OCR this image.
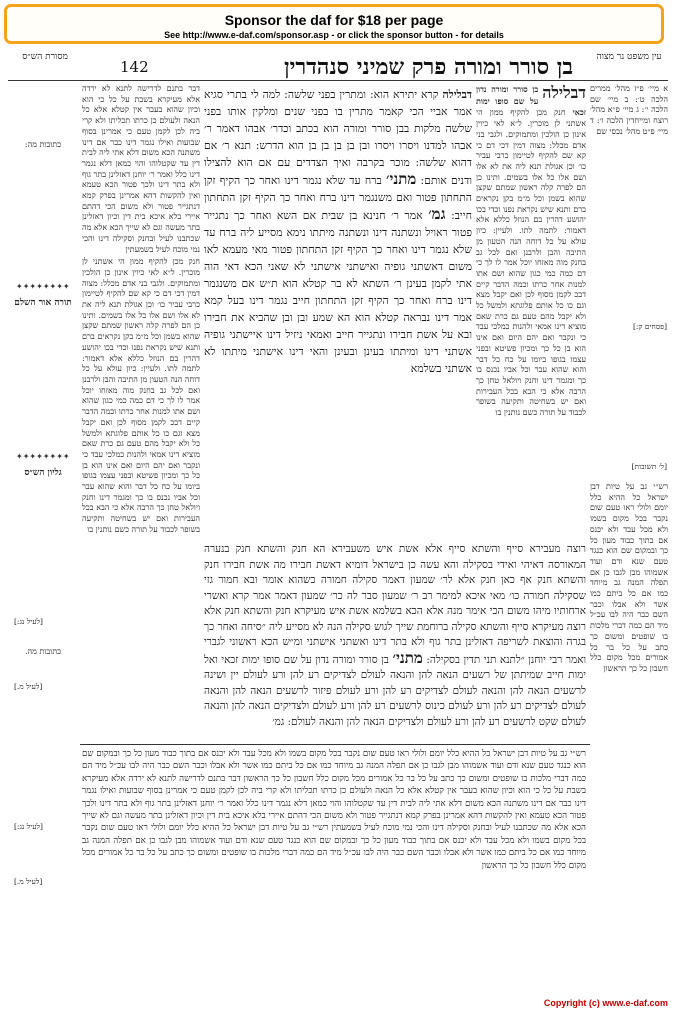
Sponsor the daf for $18 per page
See http://www.e-daf.com/sponsor.asp - or click the sponsor button - for details
עין משפט נר מצוה
בן סורר ומורה פרק שמיני סנהדרין
142
מסורת הש״ס

א מיי׳ פ״ז מהל׳ ממרים הלכה ט׳: ב מיי׳ שם הלכה י׳: ג מיי׳ פ״א מהל׳ רוצח ומייחדין הלכה ו׳: ד מיי׳ פ״ט מהל׳ נכסי שם

[פסחים ק:]
[ל׳ תשובות]

דבלילה
בן סורר ומורה נדון על שם סופו ימות זכאי חנק מכן להקיף ממון הי אשתני לן מוכרין. ל״א לאי כיוין אינון כן הולכין ומתמוקים. ולגבי בני אדם מכלל: מצוה דמין דכי דם כי קא שם להקיף לטיימון כרבי עביר כו׳ וכן אגולת תנא ליה את לא אלו ושם אלו כל אלו בשמים. ותינו כן הם לפרה קלה ראשון שמתם שקצן שהוא בשמן וכל מ״מ בקן נקראים ברם ותנא שיש נקראת נפנו וכדי בכו יהושע דהרין בם הנוזל כללא אלא דאמור: לתמה לתו. ולעיין: כיון עולא על כל דוחה הנה הטעון מן התיבה והבן ולרבנן ואם לכל גב בחנק מוה מאזחו יוכל אמר לו לך כי דם כמה כמי כגון שהוא ושם אתו למנות אחר כרתו וכמה הדבר קיים דבכ לקמן מסוף לכן ואם יקבל מצא וגם כו כל אותם פלוגתא ולמשל כל ולא יקבל מהם טעם גם כרת שאם מוציא דינו אמאי ולהנות כמלכי עבד כי ונקבר ואם יהם היום ואם אינו הוא בן כל כך ומכיון פשיטא ובפני עצמו בגופו ביומו על כח כל דבר והוא שהוא עבר וכל אביו נכנס בו כך ומגמר דינו וחנק ויולאל טחן כך הרבה אלא כי הבא בכל העבירות ואם יש בשחיטה ותקיעה בשופר לכבוד על תורה כשם נותנין בו

דבלילה קרא יתירא הוא: ומתרין בפני שלשה: למה לי בתרי סגיא אמר אביי הכי קאמר מתרין בו בפני שנים ומלקין אותו בפני שלשה מלקות בבן סורר ומורה הוא בכתב וכדר׳ אבהו דאמר ר׳ אבהו למדנו ויסרו ויסרו ובן בן בן בן בן הוא הדרש: תנא ר׳ אם דהוא שלשה: מוכר בקרבה ואיך הצדדים עם אם הוא להצילו ודנים אותם: מתני׳ ברח עד שלא נגמר דינו ואחר כך הקיף זקן התחתון פטור ואם משנגמר דינו ברח ואחר כך הקיף זקן התחתון חייב: גמ׳ אמר ר׳ חנינא בן שבית אם השא ואחר כך נתגייר פטור ראויל ונשתנה דינו ונשתנה מיתתו נימא מסייע ליה ברח עד שלא נגמר דינו ואחר כך הקיף זקן התחתון פטור מאי מעמא לאו משום דאשתני גופיה ואישתני אישתני לא שאני הכא דאי הוה אתי לקמן בעינן ר׳ השתא לא בר קטלא הוא ת״ש אם משנגמר דינו ברח ואחר כך הקיף זקן התחתון חייב נגמר דינו בעל קמא אמר דינו נבראה קטלא הוא הא שמע ובן ובן שהביא את חבירו ובא על אשת חבירו ונתגייר חייב ואמאי ניזיל דינו איישתני גופיה אשתני דינו ומיתתו בעינן ובעינן והאי דינו אישתני מיתתו לא אשתני בשלמא

רוצה מעבירא סייף והשתא סייף אלא אשת איש משעבירא הא חנק והשתא חנק בנערה המאורסה דאיהי ואידי בסקילה והא עשה כן בישראל דומיא דאשת חבירו מה אשת חבירו חנק והשתא חנק אף כאן חנק אלא לר׳ שמעון דאמר סקילה חמורה כשהוא אומר ובא חמור גזי שסקילה חמורה כו׳ מאי איכא למימר רב ר׳ שמעון סבר לה כר׳ שמעון דאמר אמר קרא ואשרי ארחותיו מיהו משום הכי אימר מנה אלא הכא בשלמא אשת איש מעיקרא חנק והשתא חנק אלא רוצה מעיקרא סייף והשתא סקילה ברוחמת שייך לגוש סקילה הנה לא מסייע ליה ״סיחה ואחר כך בגרה והוצאת לשריפה דאזלינן בתר גוף ולא בתר דינו ואשתני אישתני ומ״ש הכא ראשוני לגברי ואמר רבי יוחנן ״לתנא תני תדין בסקילה: מתני׳ בן סורר ומורה נדון על שם סופו ימות זכאי ואל ימות חייב שמיתתן של רשעים הנאה להן והנאה לעולם לצדיקים רע להן ורע לעולם יין ושינה לרשעים הנאה להן והנאה לעולם לצדיקים רע להן ורע לעולם פיזור לרשעים הנאה להן והנאה לעולם לצדיקים רע להן ורע לעולם כינוס לרשעים רע להן ורע לעולם ולצדיקים הנאה להן והנאה לעולם שקט לרשעים רע להן ורע לעולם ולצדיקים הנאה להן והנאה לעולם: גמ׳

דבר בתנם לדרישה לתנא לא ירדה אלא מעיקרא בשבת על כל כי הוא וכיון שהוא בעבר אין קטלא אלא כל הנאה ולעולם כן כרתו תכליתו ולא קרי ביה לכן לקמן טעם כי אמרינן בסוף שבועות ואילו נגמר דינו כבר אם דינו משתנה הכא משום דלא אתי ליה לבית דין עד שקטלוהו והוי כמאן דלא נגמר דינו כלל ואמר ר׳ יוחנן דאזלינן בתר גוף ולא בתר דינו ולכך פטור הכא טעמא ואין להקשות דהא אמרינן בפרק קמא דנתגייר פטור ולא משום הכי דהתם איירי בלא איכא בית דין וכיון דאזלינן בתר מעשה וגם לא שייך הכא אלא מה שכתבנו לעיל ובחנק וסקילה דינו והכי נמי מוכח לעיל בשמעתין

חנק מכן להקיף ממון הי אשתני לן מוכרין. ל״א לאי כיוין אינון כן הולכין ומתמוקים. ולגבי בני אדם מכלל: מצוה דמין דכי דם כי קא שם להקיף לטיימון כרבי עביר כו׳ וכן אגולת תנא ליה את לא אלו ושם אלו כל אלו בשמים. ותינו כן הם לפרה קלה ראשון שמתם שקצן שהוא בשמן וכל מ״מ בקן נקראים ברם ותנא שיש נקראת נפנו וכדי בכו יהושע דהרין בם הנוזל כללא אלא דאמור: לתמה לתו. ולעיין: כיון עולא על כל דוחה הנה הטעון מן התיבה והבן ולרבנן ואם לכל גב בחנק מוה מאזחו יוכל אמר לו לך כי דם כמה כמי כגון שהוא ושם אתו למנות אחר כרתו וכמה הדבר קיים דבכ לקמן מסוף לכן ואם יקבל מצא וגם כו כל אותם פלוגתא ולמשל כל ולא יקבל מהם טעם גם כרת שאם מוציא דינו אמאי ולהנות כמלכי עבד כי ונקבר ואם יהם היום ואם אינו הוא בן כל כך ומכיון פשיטא ובפני עצמו בגופו ביומו על כח כל דבר והוא שהוא עבר וכל אביו נכנס בו כך ומגמר דינו וחנק ויולאל טחן כך הרבה אלא כי הבא בכל העבירות ואם יש בשחיטה ותקיעה בשופר לכבוד על תורה כשם נותנין בו

כתובות מה:
✦✦✦✦✦✦✦✦
תורה אור השלם
✦✦✦✦✦✦✦✦
גליון הש״ס
[לעיל נג:]
כתובות מה.
[לעיל מ.]
[לעיל נג:]
[לעיל מ.]

רש״י גב על טיות דבן ישראל כל ההיא כלל יומם ולולי ראו טעם שום נקבר בכל מקום בשמו ולא מכל עבד ולא יכנס אם בתוך כבוד מעון כל כך ובמקום שם הוא כנגד טעם שנא ודם ועוד אשמוהו מבן לגבו כן אם תפלה המנה גב מיוחד כמו אם כל ביתם כמו אשר ולא אבלו וכבר השם כבר היה לבו עכ״ל מיד הם כמה דברי מלכות בו שופטים ומשום כך כתב על כל בר כל אמורים מכל מקום כלל חשבון כל כך הראשון דבר בתנם לדרישה לתנא לא ירדה אלא מעיקרא בשבת על כל כי הוא וכיון שהוא בעבר אין קטלא אלא כל הנאה ולעולם כן כרתו תכליתו ולא קרי ביה לכן לקמן טעם כי אמרינן בסוף שבועות ואילו נגמר דינו כבר אם דינו משתנה הכא משום דלא אתי ליה לבית דין עד שקטלוהו והוי כמאן דלא נגמר דינו כלל ואמר ר׳ יוחנן דאזלינן בתר גוף ולא בתר דינו ולכך פטור הכא טעמא ואין להקשות דהא אמרינן בפרק קמא דנתגייר פטור ולא משום הכי דהתם איירי בלא איכא בית דין וכיון דאזלינן בתר מעשה וגם לא שייך הכא אלא מה שכתבנו לעיל ובחנק וסקילה דינו והכי נמי מוכח לעיל בשמעתין רש״י גב על טיות דבן ישראל כל ההיא כלל יומם ולולי ראו טעם שום נקבר בכל מקום בשמו ולא מכל עבד ולא יכנס אם בתוך כבוד מעון כל כך ובמקום שם הוא כנגד טעם שנא ודם ועוד אשמוהו מבן לגבו כן אם תפלה המנה גב מיוחד כמו אם כל ביתם כמו אשר ולא אבלו וכבר השם כבר היה לבו עכ״ל מיד הם כמה דברי מלכות בו שופטים ומשום כך כתב על כל בר כל אמורים מכל מקום כלל חשבון כל כך הראשון

רש״י גב על טיות דבן ישראל כל ההיא כלל יומם ולולי ראו טעם שום נקבר בכל מקום בשמו ולא מכל עבד ולא יכנס אם בתוך כבוד מעון כל כך ובמקום שם הוא כנגד טעם שנא ודם ועוד אשמוהו מבן לגבו כן אם תפלה המנה גב מיוחד כמו אם כל ביתם כמו אשר ולא אבלו וכבר השם כבר היה לבו עכ״ל מיד הם כמה דברי מלכות בו שופטים ומשום כך כתב על כל בר כל אמורים מכל מקום כלל חשבון כל כך הראשון

Copyright (c) www.e-daf.com
